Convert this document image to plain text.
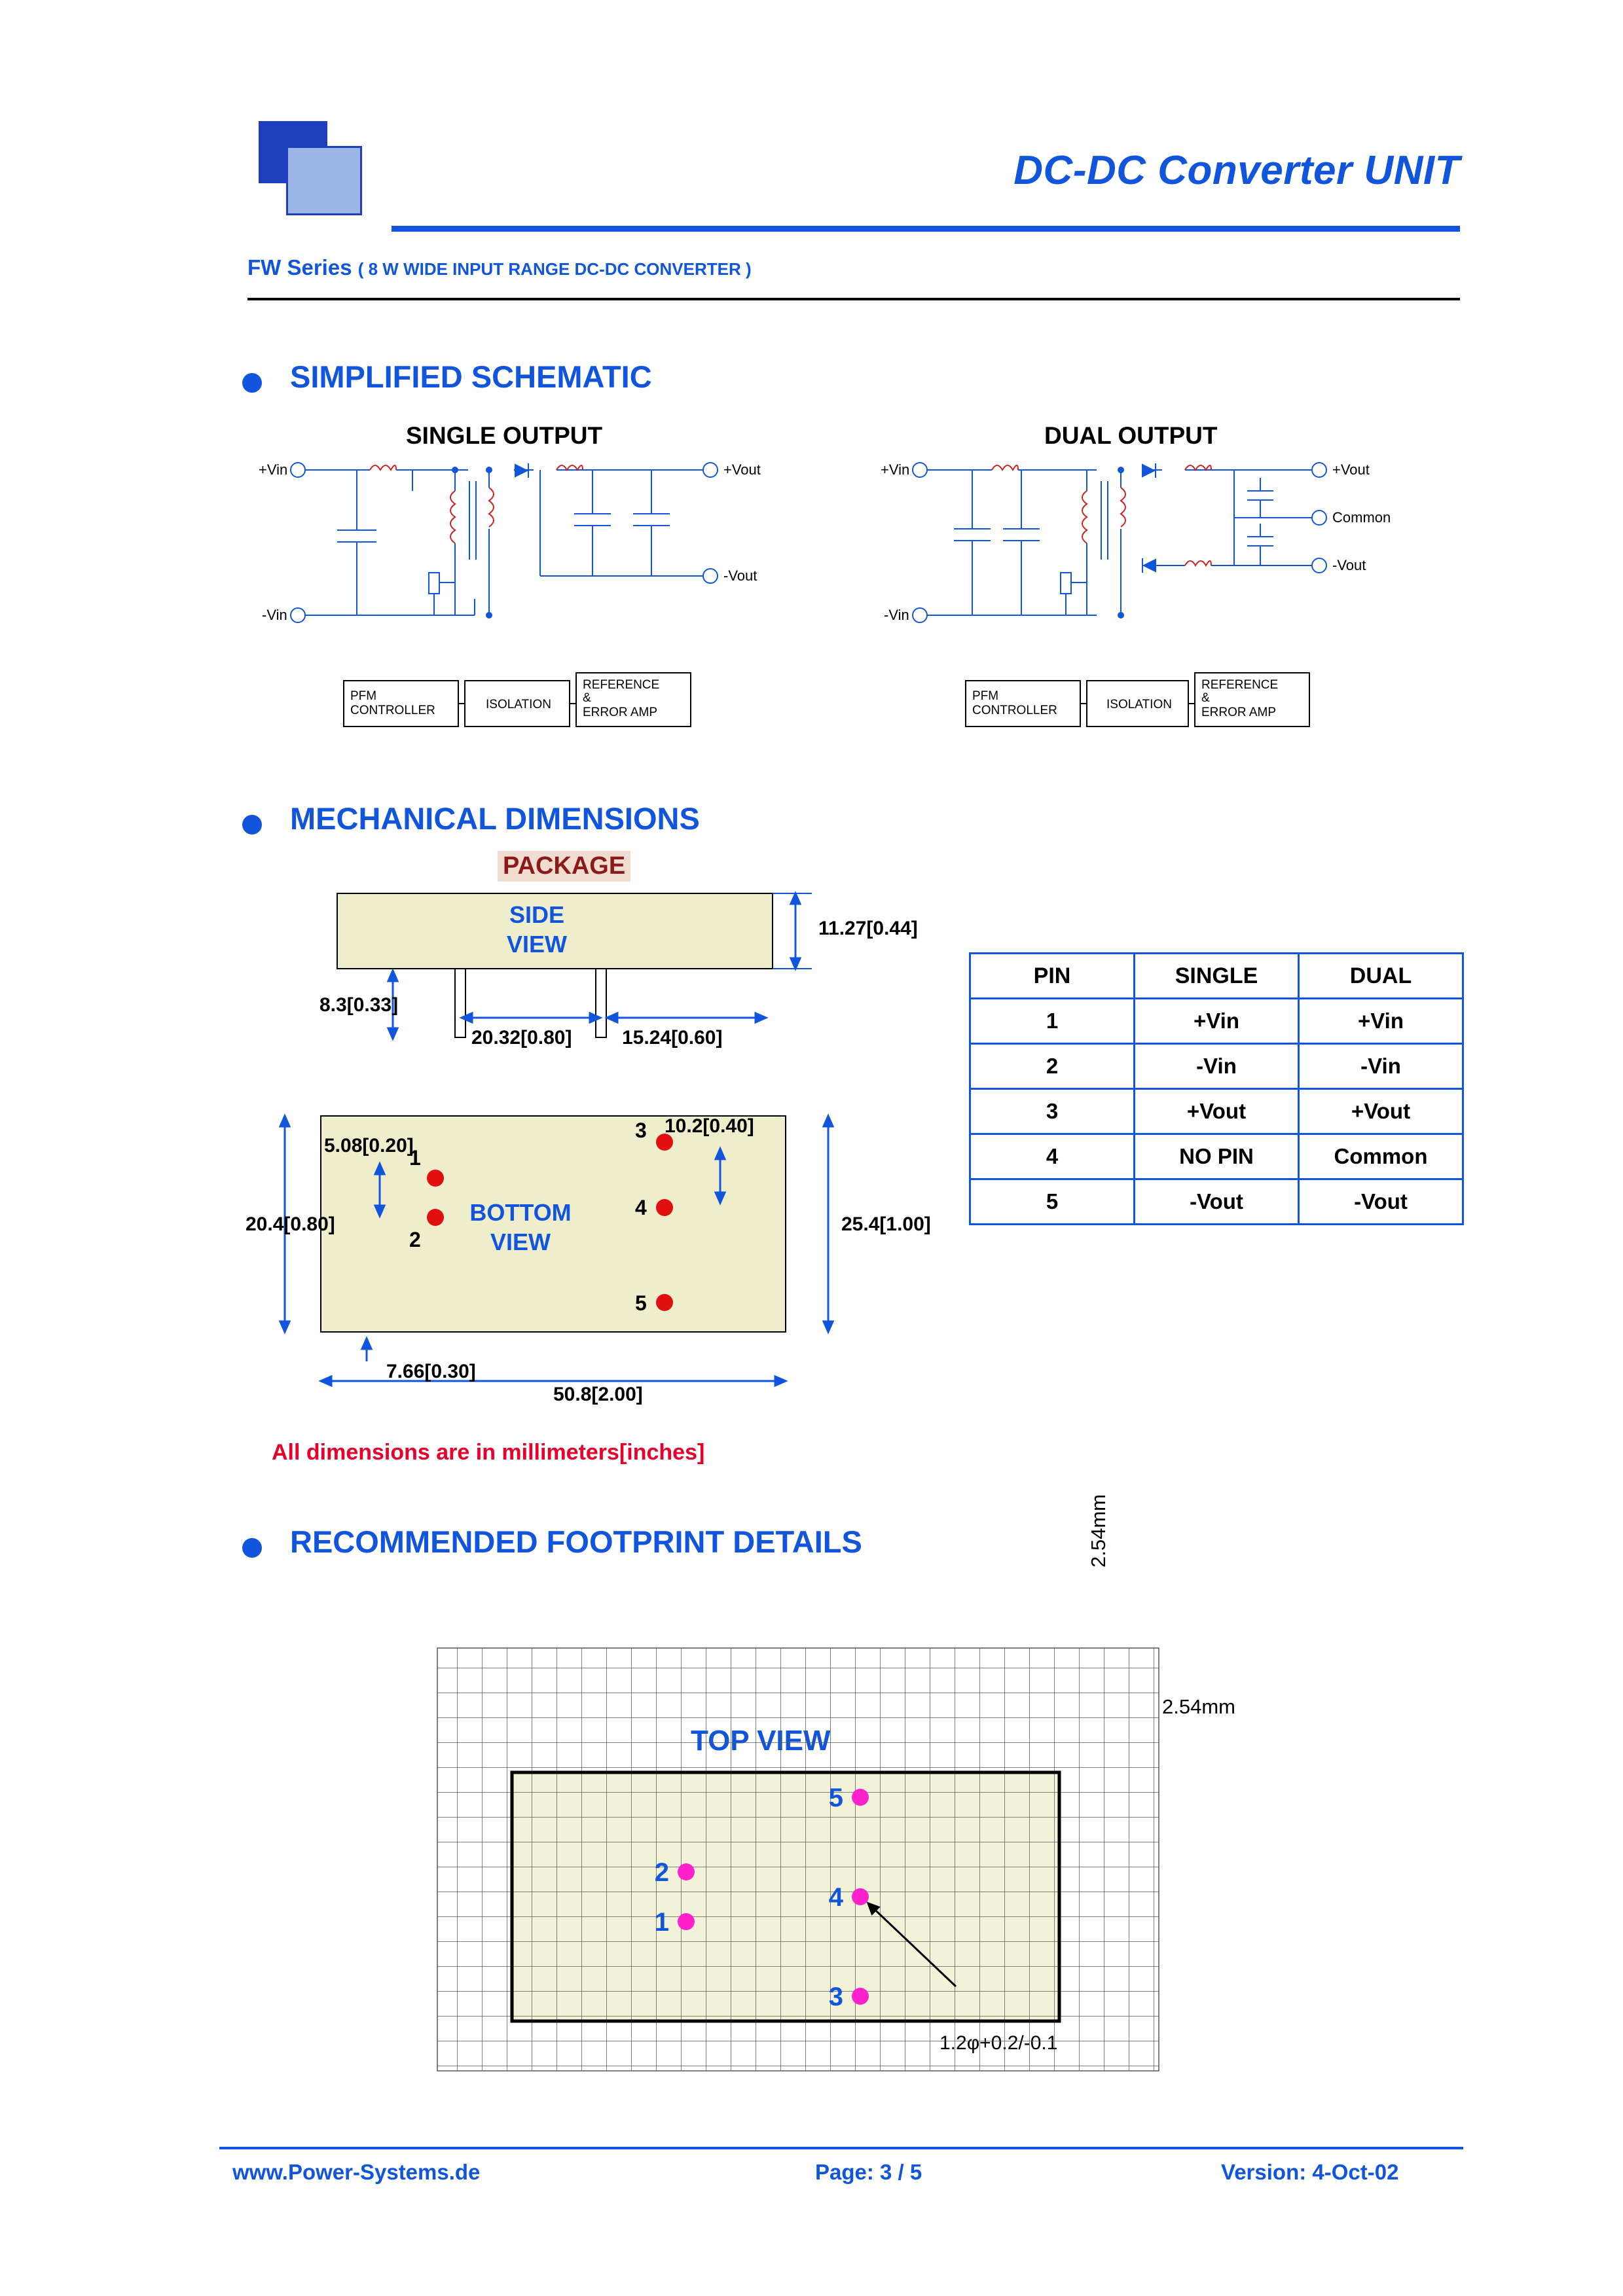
DC-DC Converter UNIT
FW Series ( 8 W WIDE INPUT RANGE DC-DC CONVERTER )
SIMPLIFIED SCHEMATIC
SINGLE OUTPUT	DUAL OUTPUT
+Vin
-Vin
+Vout
-Vout
PFM
CONTROLLER	ISOLATION
REFERENCE
&
ERROR AMP
+Vin
-Vin
+Vout
Common
-Vout
PFM
CONTROLLER	ISOLATION
REFERENCE
&
ERROR AMP
MECHANICAL DIMENSIONS
PACKAGE
11.27[0.44]
8.3[0.33]
20.32[0.80]	15.24[0.60]
SIDE
VIEW
1
2
3
4
5
BOTTOM
VIEW
20.4[0.80]
5.08[0.20]
10.2[0.40]
25.4[1.00]
7.66[0.30]
50.8[2.00]
PIN	SINGLE	DUAL
1	+Vin	+Vin
2	-Vin	-Vin
3	+Vout	+Vout
4	NO PIN	Common
5	-Vout	-Vout
All dimensions are in millimeters[inches]
RECOMMENDED FOOTPRINT DETAILS	2.54mm
2.54mm
5
2
1
4
3
www.Power-Systems.de	Page: 3 / 5	Version: 4-Oct-02
